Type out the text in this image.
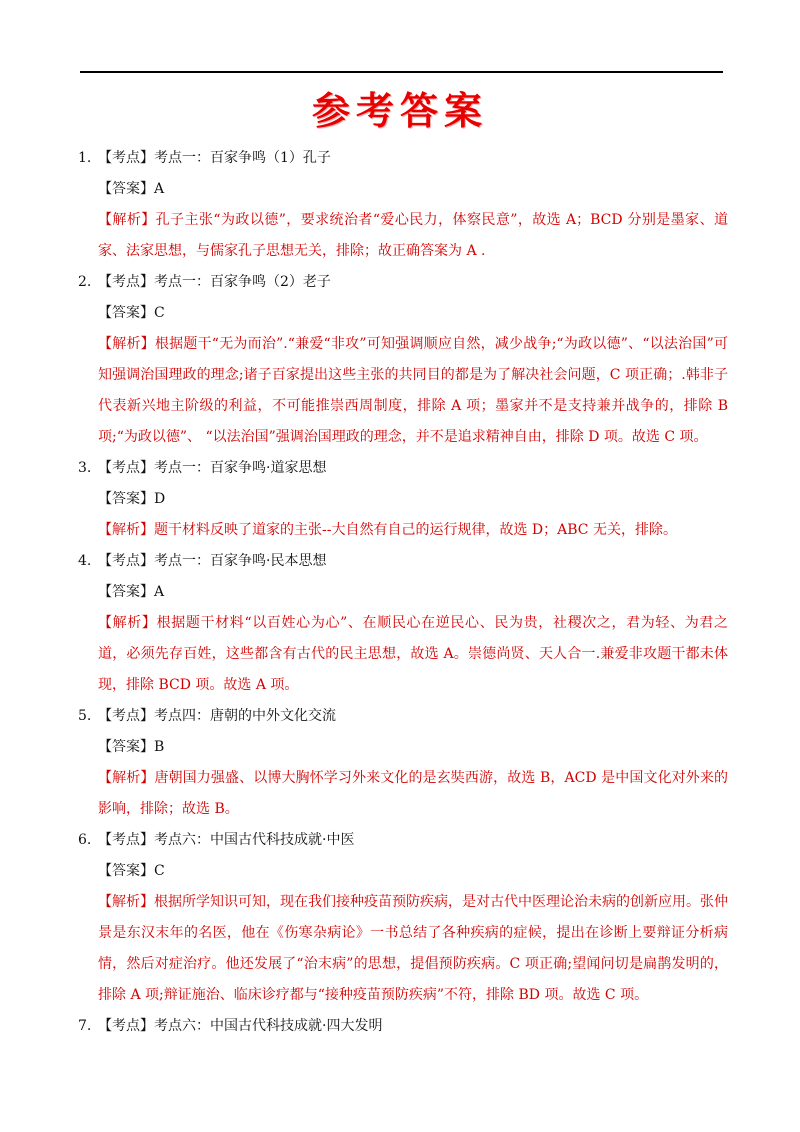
参考答案
1. 【考点】考点一：百家争鸣（1）孔子
【答案】A
【解析】孔子主张“为政以德”，要求统治者“爱心民力，体察民意”，故选 A；BCD 分别是墨家、道家、法家思想，与儒家孔子思想无关，排除；故正确答案为 A .
2. 【考点】考点一：百家争鸣（2）老子
【答案】C
【解析】根据题干“无为而治”.“兼爱“非攻”可知强调顺应自然，减少战争;“为政以德”、“以法治国”可知强调治国理政的理念;诸子百家提出这些主张的共同目的都是为了解决社会问题，C 项正确；.韩非子代表新兴地主阶级的利益，不可能推崇西周制度，排除 A 项；墨家并不是支持兼并战争的，排除 B 项;“为政以德”、 “以法治国”强调治国理政的理念，并不是追求精神自由，排除 D 项。故选 C 项。
3. 【考点】考点一：百家争鸣·道家思想
【答案】D
【解析】题干材料反映了道家的主张--大自然有自己的运行规律，故选 D；ABC 无关，排除。
4. 【考点】考点一：百家争鸣·民本思想
【答案】A
【解析】根据题干材料“以百姓心为心”、在顺民心在逆民心、民为贵，社稷次之，君为轻、为君之道，必须先存百姓，这些都含有古代的民主思想，故选 A。崇德尚贤、天人合一.兼爱非攻题干都未体现，排除 BCD 项。故选 A 项。
5. 【考点】考点四：唐朝的中外文化交流
【答案】B
【解析】唐朝国力强盛、以博大胸怀学习外来文化的是玄奘西游，故选 B，ACD 是中国文化对外来的影响，排除；故选 B。
6. 【考点】考点六：中国古代科技成就·中医
【答案】C
【解析】根据所学知识可知，现在我们接种疫苗预防疾病，是对古代中医理论治未病的创新应用。张仲景是东汉末年的名医，他在《伤寒杂病论》一书总结了各种疾病的症候，提出在诊断上要辩证分析病情，然后对症治疗。他还发展了“治末病”的思想，提倡预防疾病。C 项正确;望闻问切是扁鹊发明的，排除 A 项;辩证施治、临床诊疗都与“接种疫苗预防疾病”不符，排除 BD 项。故选 C 项。
7. 【考点】考点六：中国古代科技成就·四大发明
